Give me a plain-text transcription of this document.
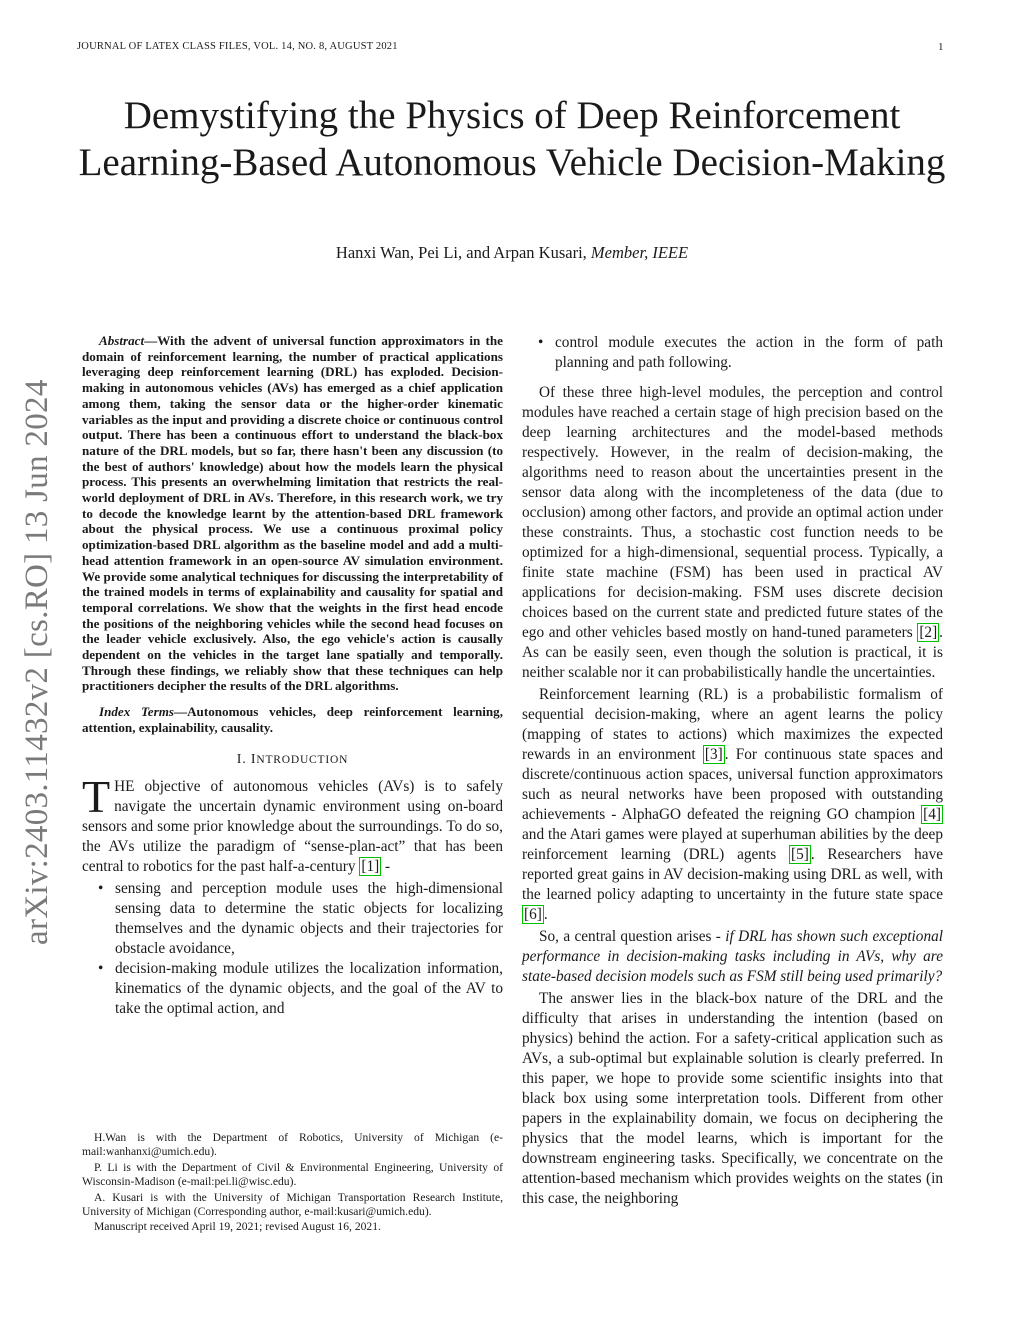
JOURNAL OF LATEX CLASS FILES, VOL. 14, NO. 8, AUGUST 2021	1
Demystifying the Physics of Deep Reinforcement Learning-Based Autonomous Vehicle Decision-Making
Hanxi Wan, Pei Li, and Arpan Kusari, Member, IEEE
arXiv:2403.11432v2 [cs.RO] 13 Jun 2024

Abstract—With the advent of universal function approximators in the domain of reinforcement learning, the number of practical applications leveraging deep reinforcement learning (DRL) has exploded. Decision-making in autonomous vehicles (AVs) has emerged as a chief application among them, taking the sensor data or the higher-order kinematic variables as the input and providing a discrete choice or continuous control output. There has been a continuous effort to understand the black-box nature of the DRL models, but so far, there hasn't been any discussion (to the best of authors' knowledge) about how the models learn the physical process. This presents an overwhelming limitation that restricts the real-world deployment of DRL in AVs. Therefore, in this research work, we try to decode the knowledge learnt by the attention-based DRL framework about the physical process. We use a continuous proximal policy optimization-based DRL algorithm as the baseline model and add a multi-head attention framework in an open-source AV simulation environment. We provide some analytical techniques for discussing the interpretability of the trained models in terms of explainability and causality for spatial and temporal correlations. We show that the weights in the first head encode the positions of the neighboring vehicles while the second head focuses on the leader vehicle exclusively. Also, the ego vehicle's action is causally dependent on the vehicles in the target lane spatially and temporally. Through these findings, we reliably show that these techniques can help practitioners decipher the results of the DRL algorithms.

Index Terms—Autonomous vehicles, deep reinforcement learning, attention, explainability, causality.

I. INTRODUCTION

THE objective of autonomous vehicles (AVs) is to safely navigate the uncertain dynamic environment using on-board sensors and some prior knowledge about the surroundings. To do so, the AVs utilize the paradigm of “sense-plan-act” that has been central to robotics for the past half-a-century [1] -

• sensing and perception module uses the high-dimensional sensing data to determine the static objects for localizing themselves and the dynamic objects and their trajectories for obstacle avoidance,
• decision-making module utilizes the localization information, kinematics of the dynamic objects, and the goal of the AV to take the optimal action, and

H.Wan is with the Department of Robotics, University of Michigan (e-mail:wanhanxi@umich.edu).

P. Li is with the Department of Civil & Environmental Engineering, University of Wisconsin-Madison (e-mail:pei.li@wisc.edu).

A. Kusari is with the University of Michigan Transportation Research Institute, University of Michigan (Corresponding author, e-mail:kusari@umich.edu).

Manuscript received April 19, 2021; revised August 16, 2021.

• control module executes the action in the form of path planning and path following.

Of these three high-level modules, the perception and control modules have reached a certain stage of high precision based on the deep learning architectures and the model-based methods respectively. However, in the realm of decision-making, the algorithms need to reason about the uncertainties present in the sensor data along with the incompleteness of the data (due to occlusion) among other factors, and provide an optimal action under these constraints. Thus, a stochastic cost function needs to be optimized for a high-dimensional, sequential process. Typically, a finite state machine (FSM) has been used in practical AV applications for decision-making. FSM uses discrete decision choices based on the current state and predicted future states of the ego and other vehicles based mostly on hand-tuned parameters [2] . As can be easily seen, even though the solution is practical, it is neither scalable nor it can probabilistically handle the uncertainties.

Reinforcement learning (RL) is a probabilistic formalism of sequential decision-making, where an agent learns the policy (mapping of states to actions) which maximizes the expected rewards in an environment [3] . For continuous state spaces and discrete/continuous action spaces, universal function approximators such as neural networks have been proposed with outstanding achievements - AlphaGO defeated the reigning GO champion [4] and the Atari games were played at superhuman abilities by the deep reinforcement learning (DRL) agents [5] . Researchers have reported great gains in AV decision-making using DRL as well, with the learned policy adapting to uncertainty in the future state space [6] .

So, a central question arises - if DRL has shown such exceptional performance in decision-making tasks including in AVs, why are state-based decision models such as FSM still being used primarily?

The answer lies in the black-box nature of the DRL and the difficulty that arises in understanding the intention (based on physics) behind the action. For a safety-critical application such as AVs, a sub-optimal but explainable solution is clearly preferred. In this paper, we hope to provide some scientific insights into that black box using some interpretation tools. Different from other papers in the explainability domain, we focus on deciphering the physics that the model learns, which is important for the downstream engineering tasks. Specifically, we concentrate on the attention-based mechanism which provides weights on the states (in this case, the neighboring
